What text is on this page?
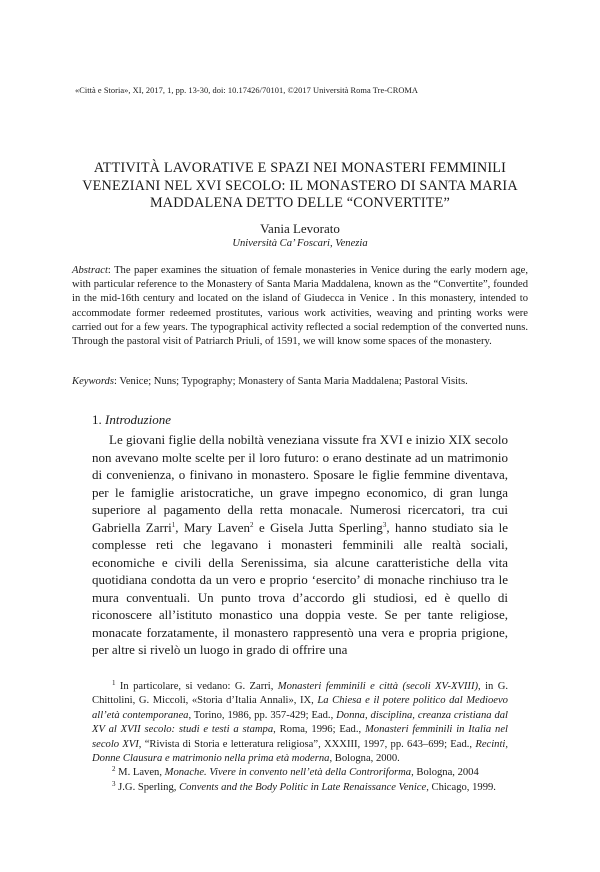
«Città e Storia», XI, 2017, 1, pp. 13-30, doi: 10.17426/70101, ©2017 Università Roma Tre-CROMA
ATTIVITÀ LAVORATIVE E SPAZI NEI MONASTERI FEMMINILI VENEZIANI NEL XVI SECOLO: IL MONASTERO DI SANTA MARIA MADDALENA DETTO DELLE “CONVERTITE”
Vania Levorato
Università Ca’ Foscari, Venezia

Abstract: The paper examines the situation of female monasteries in Venice during the early modern age, with particular reference to the Monastery of Santa Maria Maddalena, known as the “Convertite”, founded in the mid-16th century and located on the island of Giudecca in Venice . In this monastery, intended to accommodate former redeemed prostitutes, various work activities, weaving and printing works were carried out for a few years. The typographical activity reflected a social redemption of the converted nuns. Through the pastoral visit of Patriarch Priuli, of 1591, we will know some spaces of the monastery.

Keywords: Venice; Nuns; Typography; Monastery of Santa Maria Maddalena; Pastoral Visits.

1. Introduzione

Le giovani figlie della nobiltà veneziana vissute fra XVI e inizio XIX secolo non avevano molte scelte per il loro futuro: o erano destinate ad un matrimonio di convenienza, o finivano in monastero. Sposare le figlie femmine diventava, per le famiglie aristocratiche, un grave impegno economico, di gran lunga superiore al pagamento della retta monacale. Numerosi ricercatori, tra cui Gabriella Zarri$^1$, Mary Laven$^2$ e Gisela Jutta Sperling$^3$, hanno studiato sia le complesse reti che legavano i monasteri femminili alle realtà sociali, economiche e civili della Serenissima, sia alcune caratteristiche della vita quotidiana condotta da un vero e proprio ‘esercito’ di monache rinchiuso tra le mura conventuali. Un punto trova d’accordo gli studiosi, ed è quello di riconoscere all’istituto monastico una doppia veste. Se per tante religiose, monacate forzatamente, il monastero rappresentò una vera e propria prigione, per altre si rivelò un luogo in grado di offrire una

$^1$ In particolare, si vedano: G. Zarri, Monasteri femminili e città (secoli XV-XVIII), in G. Chittolini, G. Miccoli, «Storia d’Italia Annali», IX, La Chiesa e il potere politico dal Medioevo all’età contemporanea, Torino, 1986, pp. 357-429; Ead., Donna, disciplina, creanza cristiana dal XV al XVII secolo: studi e testi a stampa, Roma, 1996; Ead., Monasteri femminili in Italia nel secolo XVI, “Rivista di Storia e letteratura religiosa”, XXXIII, 1997, pp. 643–699; Ead., Recinti, Donne Clausura e matrimonio nella prima età moderna, Bologna, 2000.

$^2$ M. Laven, Monache. Vivere in convento nell’età della Controriforma, Bologna, 2004

$^3$ J.G. Sperling, Convents and the Body Politic in Late Renaissance Venice, Chicago, 1999.
